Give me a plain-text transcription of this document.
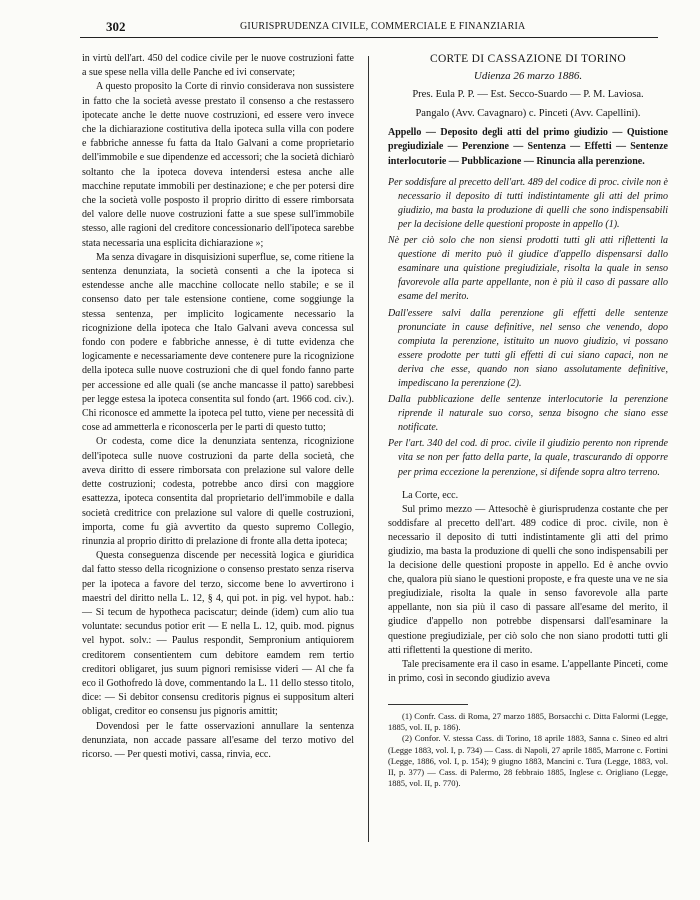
302	GIURISPRUDENZA CIVILE, COMMERCIALE E FINANZIARIA

in virtù dell'art. 450 del codice civile per le nuove costruzioni fatte a sue spese nella villa delle Panche ed ivi conservate;

A questo proposito la Corte di rinvio considerava non sussistere in fatto che la società avesse prestato il consenso a che restassero ipotecate anche le dette nuove costruzioni, ed essere vero invece che la dichiarazione costitutiva della ipoteca sulla villa con podere e fabbriche annesse fu fatta da Italo Galvani a come proprietario dell'immobile e sue dipendenze ed accessori; che la società dichiarò soltanto che la ipoteca doveva intendersi estesa anche alle macchine reputate immobili per destinazione; e che per potersi dire che la società volle posposto il proprio diritto di essere rimborsata del valore delle nuove costruzioni fatte a sue spese sull'immobile stesso, alle ragioni del creditore concessionario dell'ipoteca sarebbe stata necessaria una esplicita dichiarazione »;

Ma senza divagare in disquisizioni superflue, se, come ritiene la sentenza denunziata, la società consentì a che la ipoteca si estendesse anche alle macchine collocate nello stabile; e se il consenso dato per tale estensione contiene, come soggiunge la stessa sentenza, per implicito logicamente necessario la ricognizione della ipoteca che Italo Galvani aveva concessa sul fondo con podere e fabbriche annesse, è di tutte evidenza che logicamente e necessariamente deve contenere pure la ricognizione della ipoteca sulle nuove costruzioni che di quel fondo fanno parte per accessione ed alle quali (se anche mancasse il patto) sarebbesi per legge estesa la ipoteca consentita sul fondo (art. 1966 cod. civ.). Chi riconosce ed ammette la ipoteca pel tutto, viene per necessità di cose ad ammetterla e riconoscerla per le parti di questo tutto;

Or codesta, come dice la denunziata sentenza, ricognizione dell'ipoteca sulle nuove costruzioni da parte della società, che aveva diritto di essere rimborsata con prelazione sul valore delle dette costruzioni; codesta, potrebbe anco dirsi con maggiore esattezza, ipoteca consentita dal proprietario dell'immobile e dalla società creditrice con prelazione sul valore di quelle costruzioni, importa, come fu già avvertito da questo supremo Collegio, rinunzia al proprio diritto di prelazione di fronte alla detta ipoteca;

Questa conseguenza discende per necessità logica e giuridica dal fatto stesso della ricognizione o consenso prestato senza riserva per la ipoteca a favore del terzo, siccome bene lo avvertirono i maestri del diritto nella L. 12, § 4, qui pot. in pig. vel hypot. hab.: — Si tecum de hypotheca paciscatur; deinde (idem) cum alio tua voluntate: secundus potior erit — E nella L. 12, quib. mod. pignus vel hypot. solv.: — Paulus respondit, Sempronium antiquiorem creditorem consentientem cum debitore eamdem rem tertio creditori obligaret, jus suum pignori remisisse videri — Al che fa eco il Gothofredo là dove, commentando la L. 11 dello stesso titolo, dice: — Si debitor consensu creditoris pignus ei suppositum alteri obligat, creditor eo consensu jus pignoris amittit;

Dovendosi per le fatte osservazioni annullare la sentenza denunziata, non accade passare all'esame del terzo motivo del ricorso. — Per questi motivi, cassa, rinvia, ecc.

CORTE DI CASSAZIONE DI TORINO

Udienza 26 marzo 1886.

Pres. Eula P. P. — Est. Secco-Suardo — P. M. Laviosa.

Pangalo (Avv. Cavagnaro) c. Pinceti (Avv. Capellini).

Appello — Deposito degli atti del primo giudizio — Quistione pregiudiziale — Perenzione — Sentenza — Effetti — Sentenze interlocutorie — Pubblicazione — Rinuncia alla perenzione.

Per soddisfare al precetto dell'art. 489 del codice di proc. civile non è necessario il deposito di tutti indistintamente gli atti del primo giudizio, ma basta la produzione di quelli che sono indispensabili per la decisione delle questioni proposte in appello (1).

Nè per ciò solo che non siensi prodotti tutti gli atti riflettenti la questione di merito può il giudice d'appello dispensarsi dallo esaminare una quistione pregiudiziale, risolta la quale in senso favorevole alla parte appellante, non è più il caso di passare allo esame del merito.

Dall'essere salvi dalla perenzione gli effetti delle sentenze pronunciate in cause definitive, nel senso che venendo, dopo compiuta la perenzione, istituito un nuovo giudizio, vi possano essere prodotte per tutti gli effetti di cui siano capaci, non ne deriva che esse, quando non siano assolutamente definitive, impediscano la perenzione (2).

Dalla pubblicazione delle sentenze interlocutorie la perenzione riprende il naturale suo corso, senza bisogno che siano esse notificate.

Per l'art. 340 del cod. di proc. civile il giudizio perento non riprende vita se non per fatto della parte, la quale, trascurando di opporre per prima eccezione la perenzione, si difende sopra altro terreno.

La Corte, ecc.

Sul primo mezzo — Attesochè è giurisprudenza costante che per soddisfare al precetto dell'art. 489 codice di proc. civile, non è necessario il deposito di tutti indistintamente gli atti del primo giudizio, ma basta la produzione di quelli che sono indispensabili per la decisione delle questioni proposte in appello. Ed è anche ovvio che, qualora più siano le questioni proposte, e fra queste una ve ne sia pregiudiziale, risolta la quale in senso favorevole alla parte appellante, non sia più il caso di passare all'esame del merito, il giudice d'appello non potrebbe dispensarsi dall'esaminare la questione pregiudiziale, per ciò solo che non siano prodotti tutti gli atti riflettenti la questione di merito.

Tale precisamente era il caso in esame. L'appellante Pinceti, come in primo, così in secondo giudizio aveva

(1) Confr. Cass. di Roma, 27 marzo 1885, Borsacchi c. Ditta Falormi (Legge, 1885, vol. II, p. 186).

(2) Confor. V. stessa Cass. di Torino, 18 aprile 1883, Sanna c. Sineo ed altri (Legge 1883, vol. I, p. 734) — Cass. di Napoli, 27 aprile 1885, Marrone c. Fortini (Legge, 1886, vol. I, p. 154); 9 giugno 1883, Mancini c. Tura (Legge, 1883, vol. II, p. 377) — Cass. di Palermo, 28 febbraio 1885, Inglese c. Origliano (Legge, 1885, vol. II, p. 770).
